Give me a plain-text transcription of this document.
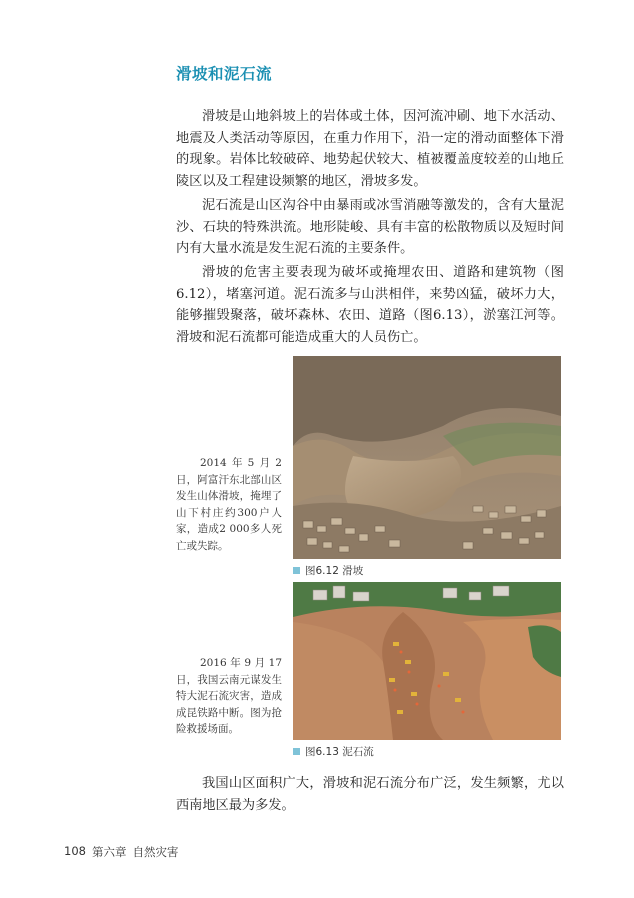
滑坡和泥石流

滑坡是山地斜坡上的岩体或土体，因河流冲刷、地下水活动、地震及人类活动等原因，在重力作用下，沿一定的滑动面整体下滑的现象。岩体比较破碎、地势起伏较大、植被覆盖度较差的山地丘陵区以及工程建设频繁的地区，滑坡多发。

泥石流是山区沟谷中由暴雨或冰雪消融等激发的，含有大量泥沙、石块的特殊洪流。地形陡峻、具有丰富的松散物质以及短时间内有大量水流是发生泥石流的主要条件。

滑坡的危害主要表现为破坏或掩埋农田、道路和建筑物（图6.12），堵塞河道。泥石流多与山洪相伴，来势凶猛，破坏力大，能够摧毁聚落，破坏森林、农田、道路（图6.13），淤塞江河等。滑坡和泥石流都可能造成重大的人员伤亡。

2014年5月2日，阿富汗东北部山区发生山体滑坡，掩埋了山下村庄约300户人家，造成2 000多人死亡或失踪。

图6.12 滑坡

2016年9月17日，我国云南元谋发生特大泥石流灾害，造成成昆铁路中断。图为抢险救援场面。

图6.13 泥石流

我国山区面积广大，滑坡和泥石流分布广泛，发生频繁，尤以西南地区最为多发。

108 第六章 自然灾害
